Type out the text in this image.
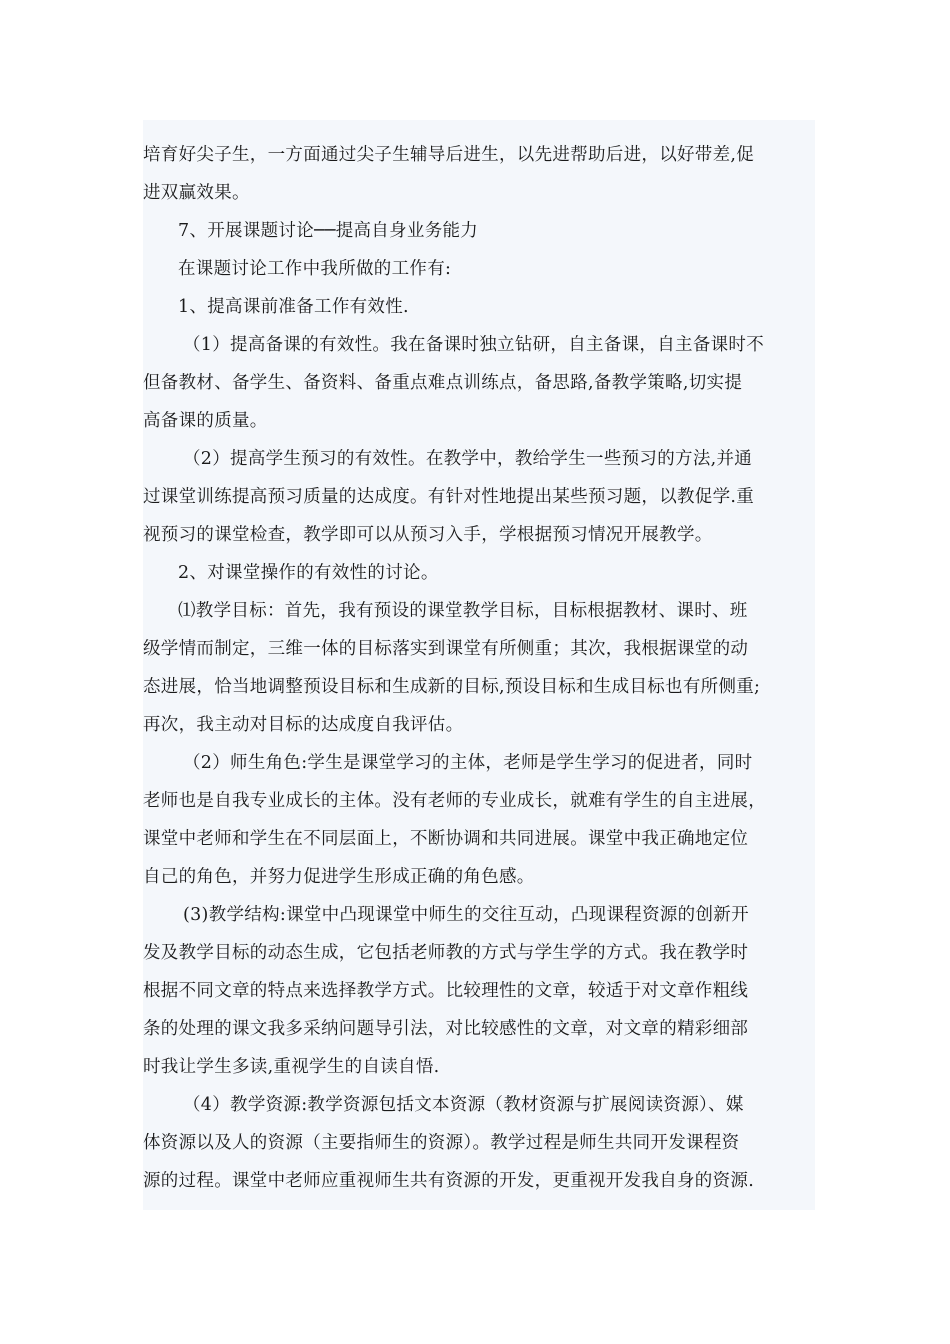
培育好尖子生，一方面通过尖子生辅导后进生，以先进帮助后进，以好带差,促
进双赢效果。
7、开展课题讨论──提高自身业务能力
在课题讨论工作中我所做的工作有:
1、提高课前准备工作有效性.
（1）提高备课的有效性。我在备课时独立钻研，自主备课，自主备课时不
但备教材、备学生、备资料、备重点难点训练点，备思路,备教学策略,切实提
高备课的质量。
（2）提高学生预习的有效性。在教学中，教给学生一些预习的方法,并通
过课堂训练提高预习质量的达成度。有针对性地提出某些预习题，以教促学.重
视预习的课堂检查，教学即可以从预习入手，学根据预习情况开展教学。
2、对课堂操作的有效性的讨论。
⑴教学目标：首先，我有预设的课堂教学目标，目标根据教材、课时、班
级学情而制定，三维一体的目标落实到课堂有所侧重；其次，我根据课堂的动
态进展，恰当地调整预设目标和生成新的目标,预设目标和生成目标也有所侧重;
再次，我主动对目标的达成度自我评估。
（2）师生角色:学生是课堂学习的主体，老师是学生学习的促进者，同时
老师也是自我专业成长的主体。没有老师的专业成长，就难有学生的自主进展，
课堂中老师和学生在不同层面上，不断协调和共同进展。课堂中我正确地定位
自己的角色，并努力促进学生形成正确的角色感。
(3)教学结构:课堂中凸现课堂中师生的交往互动，凸现课程资源的创新开
发及教学目标的动态生成，它包括老师教的方式与学生学的方式。我在教学时
根据不同文章的特点来选择教学方式。比较理性的文章，较适于对文章作粗线
条的处理的课文我多采纳问题导引法，对比较感性的文章，对文章的精彩细部
时我让学生多读,重视学生的自读自悟.
（4）教学资源:教学资源包括文本资源（教材资源与扩展阅读资源）、媒
体资源以及人的资源（主要指师生的资源）。教学过程是师生共同开发课程资
源的过程。课堂中老师应重视师生共有资源的开发，更重视开发我自身的资源.
